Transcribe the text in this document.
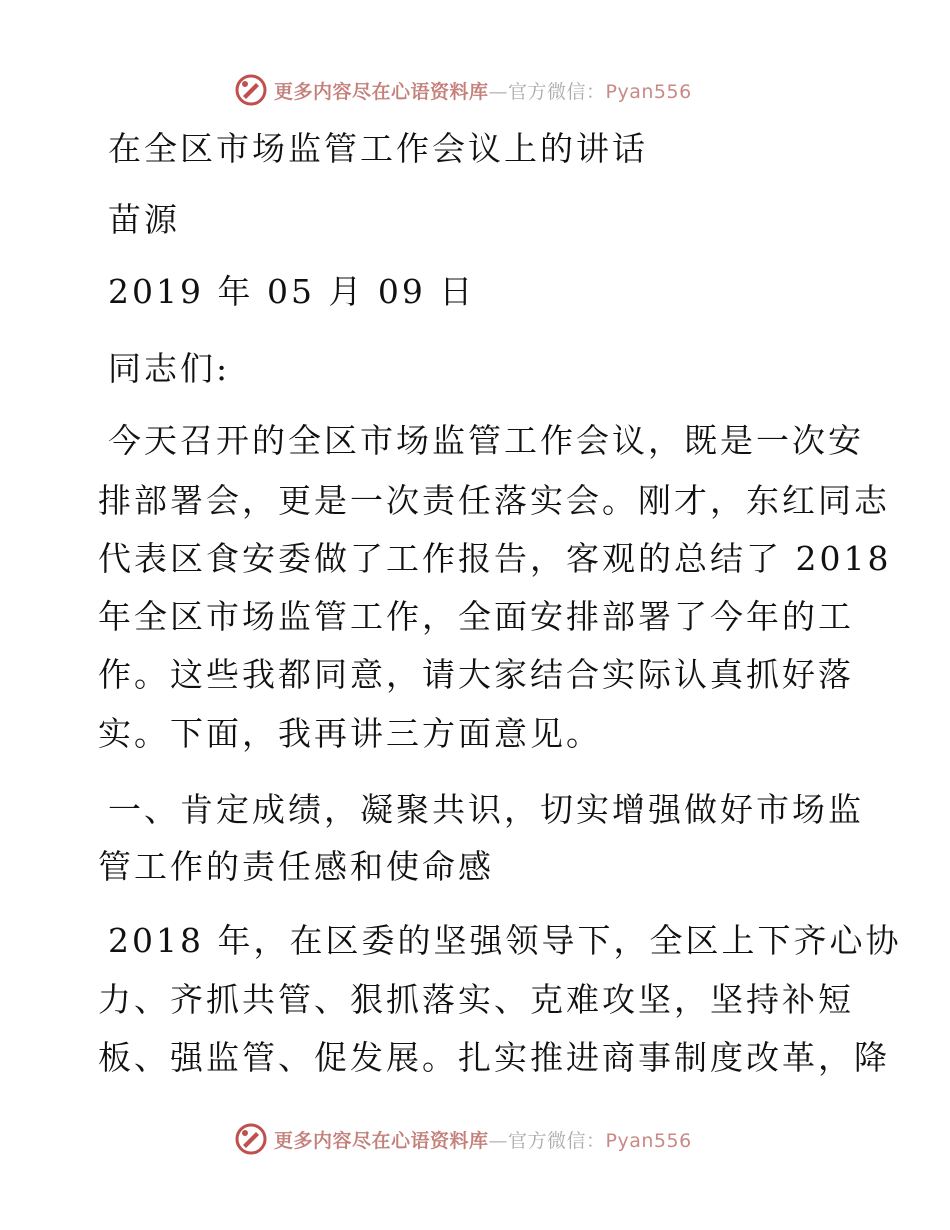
更多内容尽在心语资料库—官方微信：Pyan556
在全区市场监管工作会议上的讲话
苗源
2019 年 05 月 09 日
同志们:
今天召开的全区市场监管工作会议，既是一次安
排部署会，更是一次责任落实会。刚才，东红同志
代表区食安委做了工作报告，客观的总结了 2018
年全区市场监管工作，全面安排部署了今年的工
作。这些我都同意，请大家结合实际认真抓好落
实。下面，我再讲三方面意见。
一、肯定成绩，凝聚共识，切实增强做好市场监
管工作的责任感和使命感
2018 年，在区委的坚强领导下，全区上下齐心协
力、齐抓共管、狠抓落实、克难攻坚，坚持补短
板、强监管、促发展。扎实推进商事制度改革，降
更多内容尽在心语资料库—官方微信：Pyan556
